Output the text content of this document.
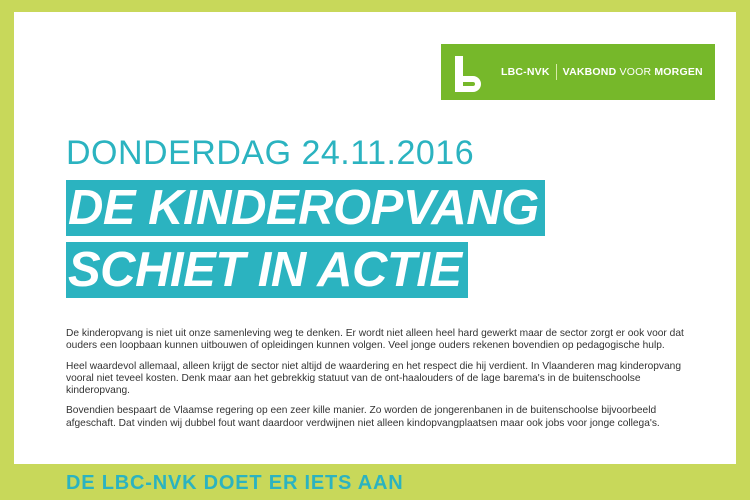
LBC-NVK VAKBOND
VOOR
MORGEN
DONDERDAG 24.11.2016
DE KINDEROPVANG
SCHIET IN ACTIE

De kinderopvang is niet uit onze samenleving weg te denken. Er wordt niet alleen heel hard gewerkt maar de sector zorgt er ook voor dat ouders een loopbaan kunnen uitbouwen of opleidingen kunnen volgen. Veel jonge ouders rekenen bovendien op pedagogische hulp.

Heel waardevol allemaal, alleen krijgt de sector niet altijd de waardering en het respect die hij verdient. In Vlaanderen mag kinderopvang vooral niet teveel kosten. Denk maar aan het gebrekkig statuut van de ont-haalouders of de lage barema's in de buitenschoolse kinderopvang.

Bovendien bespaart de Vlaamse regering op een zeer kille manier. Zo worden de jongerenbanen in de buitenschoolse bijvoorbeeld afgeschaft. Dat vinden wij dubbel fout want daardoor verdwijnen niet alleen kindopvangplaatsen maar ook jobs voor jonge collega's.

DE LBC-NVK DOET ER IETS AAN
